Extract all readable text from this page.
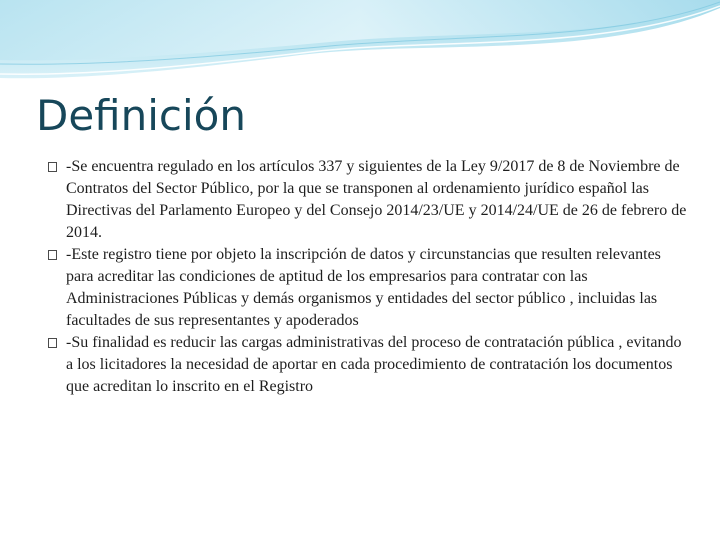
Definición
-Se encuentra regulado en los artículos 337 y siguientes de la Ley 9/2017 de 8 de Noviembre de Contratos del Sector Público, por la que se transponen al ordenamiento jurídico español las Directivas del Parlamento Europeo y del Consejo 2014/23/UE y 2014/24/UE de 26 de febrero de 2014.
-Este registro tiene por objeto la inscripción de datos y circunstancias que resulten relevantes para acreditar las condiciones de aptitud de los empresarios para contratar con las Administraciones Públicas y demás organismos y entidades del sector público , incluidas las facultades de sus representantes y apoderados
-Su finalidad es reducir las cargas administrativas del proceso de contratación pública , evitando a los licitadores la necesidad de aportar en cada procedimiento de contratación los documentos que acreditan lo inscrito en el Registro
